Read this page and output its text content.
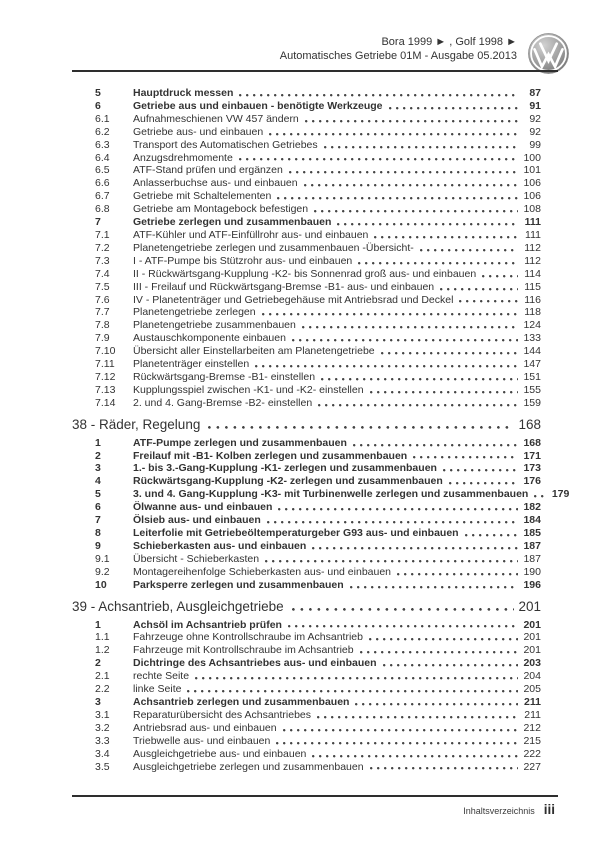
Bora 1999 ► , Golf 1998 ►
Automatisches Getriebe 01M - Ausgabe 05.2013
5	Hauptdruck messen	87
6	Getriebe aus und einbauen - benötigte Werkzeuge	91
6.1	Aufnahmeschienen VW 457 ändern	92
6.2	Getriebe aus- und einbauen	92
6.3	Transport des Automatischen Getriebes	99
6.4	Anzugsdrehmomente	100
6.5	ATF-Stand prüfen und ergänzen	101
6.6	Anlasserbuchse aus- und einbauen	106
6.7	Getriebe mit Schaltelementen	106
6.8	Getriebe am Montagebock befestigen	108
7	Getriebe zerlegen und zusammenbauen	111
7.1	ATF-Kühler und ATF-Einfüllrohr aus- und einbauen	111
7.2	Planetengetriebe zerlegen und zusammenbauen -Übersicht-	112
7.3	I - ATF-Pumpe bis Stützrohr aus- und einbauen	112
7.4	II - Rückwärtsgang-Kupplung -K2- bis Sonnenrad groß aus- und einbauen	114
7.5	III - Freilauf und Rückwärtsgang-Bremse -B1- aus- und einbauen	115
7.6	IV - Planetenträger und Getriebegehäuse mit Antriebsrad und Deckel	116
7.7	Planetengetriebe zerlegen	118
7.8	Planetengetriebe zusammenbauen	124
7.9	Austauschkomponente einbauen	133
7.10	Übersicht aller Einstellarbeiten am Planetengetriebe	144
7.11	Planetenträger einstellen	147
7.12	Rückwärtsgang-Bremse -B1- einstellen	151
7.13	Kupplungsspiel zwischen -K1- und -K2- einstellen	155
7.14	2. und 4. Gang-Bremse -B2- einstellen	159
38 - Räder, Regelung	168
1	ATF-Pumpe zerlegen und zusammenbauen	168
2	Freilauf mit -B1- Kolben zerlegen und zusammenbauen	171
3	1.- bis 3.-Gang-Kupplung -K1- zerlegen und zusammenbauen	173
4	Rückwärtsgang-Kupplung -K2- zerlegen und zusammenbauen	176
5	3. und 4. Gang-Kupplung -K3- mit Turbinenwelle zerlegen und zusammenbauen 179
6	Ölwanne aus- und einbauen	182
7	Ölsieb aus- und einbauen	184
8	Leiterfolie mit Getriebeöltemperaturgeber G93 aus- und einbauen	185
9	Schieberkasten aus- und einbauen	187
9.1	Übersicht - Schieberkasten	187
9.2	Montagereihenfolge Schieberkasten aus- und einbauen	190
10	Parksperre zerlegen und zusammenbauen	196
39 - Achsantrieb, Ausgleichgetriebe	201
1	Achsöl im Achsantrieb prüfen	201
1.1	Fahrzeuge ohne Kontrollschraube im Achsantrieb	201
1.2	Fahrzeuge mit Kontrollschraube im Achsantrieb	201
2	Dichtringe des Achsantriebes aus- und einbauen	203
2.1	rechte Seite	204
2.2	linke Seite	205
3	Achsantrieb zerlegen und zusammenbauen	211
3.1	Reparaturübersicht des Achsantriebes	211
3.2	Antriebsrad aus- und einbauen	212
3.3	Triebwelle aus- und einbauen	215
3.4	Ausgleichgetriebe aus- und einbauen	222
3.5	Ausgleichgetriebe zerlegen und zusammenbauen	227
Inhaltsverzeichnis iii
